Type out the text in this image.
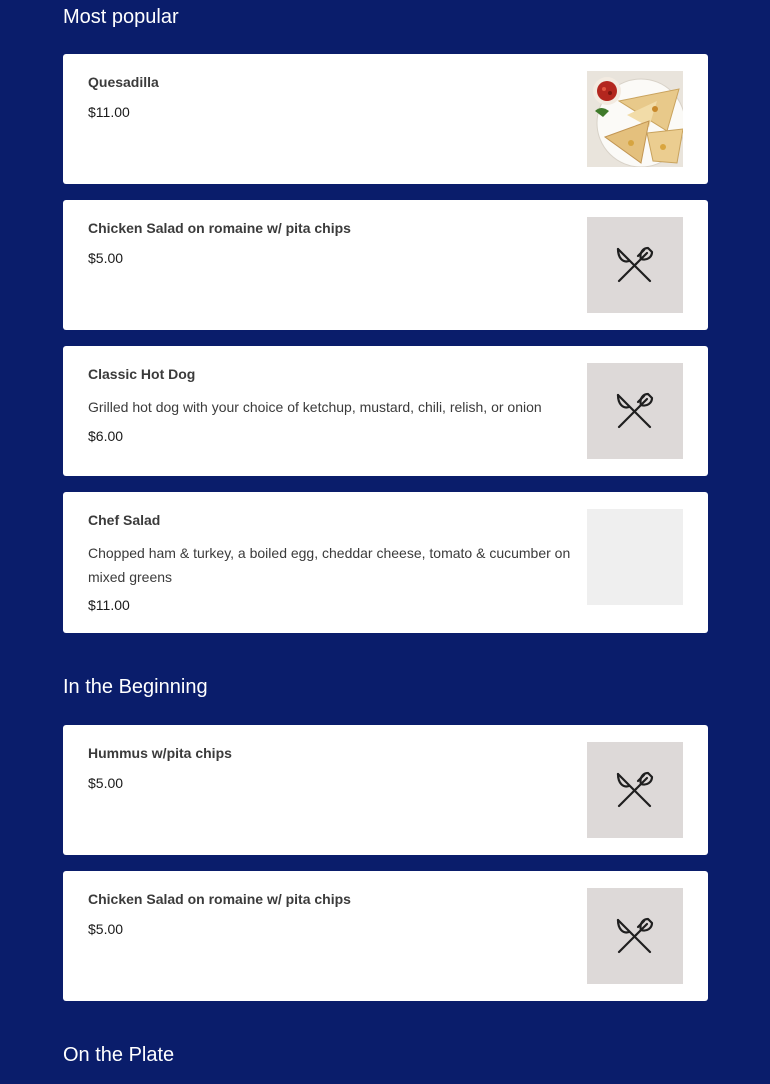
Most popular
Quesadilla
$11.00
Chicken Salad on romaine w/ pita chips
$5.00
Classic Hot Dog
Grilled hot dog with your choice of ketchup, mustard, chili, relish, or onion
$6.00
Chef Salad
Chopped ham & turkey, a boiled egg, cheddar cheese, tomato & cucumber on mixed greens
$11.00
In the Beginning
Hummus w/pita chips
$5.00
Chicken Salad on romaine w/ pita chips
$5.00
On the Plate
